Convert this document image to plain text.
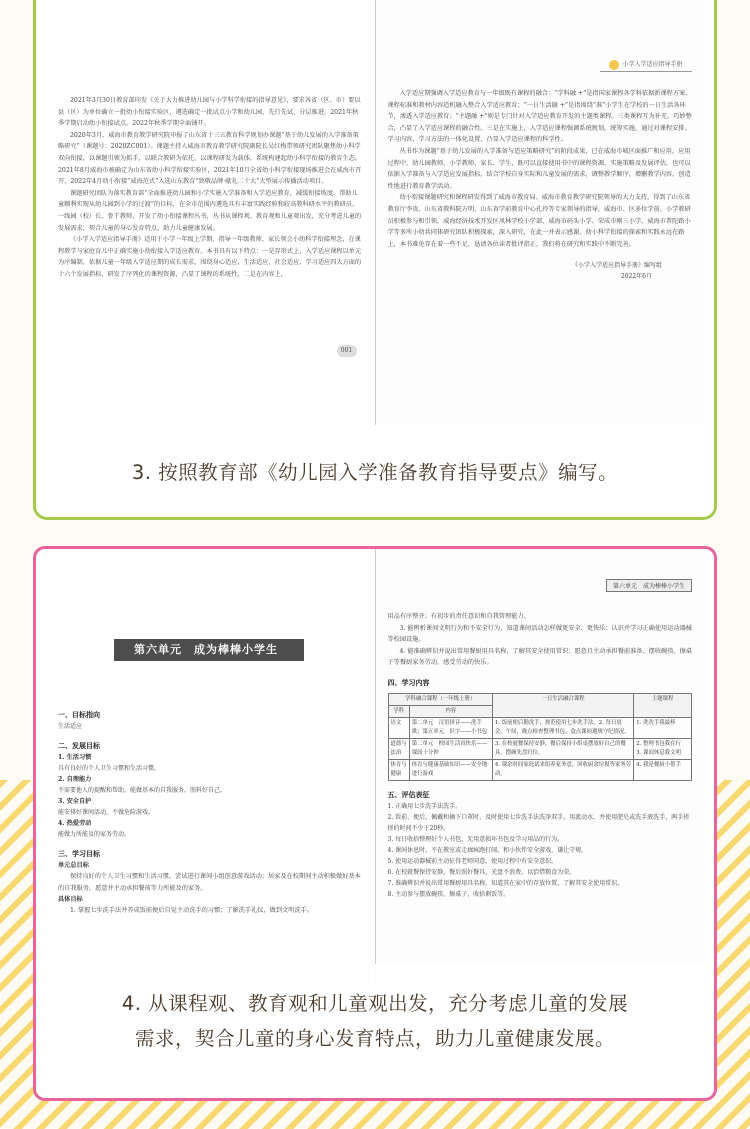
2021年3月30日教育部印发《关于大力推进幼儿园与小学科学衔接的指导意见》，要求各省（区、市）要以县（区）为单位确立一批幼小衔接实验区，遴选确定一批试点小学和幼儿园，先行先试，分层推进，2021年秋季学期启动幼小衔接试点，2022年秋季学期全面铺开。

2020年3月，威海市教育教学研究院申报了山东省十三五教育科学规划办课题“基于幼儿发展的入学准备策略研究”（课题号：2020ZC001）。课题主持人威海市教育教学研究院副院长吴红梅带领研究团队聚焦幼小科学双向衔接，以课题引领为抓手，以联合教研为依托，以课程研发为载体，系统构建起幼小科学衔接的教育生态。2021年8月威海市被确定为山东省幼小科学衔接实验区，2021年10月全省幼小科学衔接现场推进会在威海市召开，2022年4月幼小衔接“威海范式”入选山东教育“致敬品牌·献礼二十大”大型展示传播活动项目。

课题研究团队为落实教育部“全面推进幼儿园和小学实施入学准备和入学适应教育，减缓衔接坡度，帮助儿童顺利实现从幼儿园到小学的过渡”的目标，在全市范围内遴选具有丰富实践经验和较高教科研水平的教研员、一线园（校）长、骨干教师，开发了幼小衔接课程丛书，丛书从课程观、教育观和儿童观出发，充分考虑儿童的发展需求，契合儿童的身心发育特点，助力儿童健康发展。

《小学入学适应指导手册》适用于小学一年级上学期，指导一年级教师、家长领会小幼科学衔接理念，在课程教学与家庭育儿中正确实施小幼衔接入学适应教育。本书具有以下特点：一是存形式上，入学适应课程以单元为序编制，依据儿童一年级入学适应期的成长需求，围绕身心适应、生活适应、社会适应、学习适应四大方面的十六个发展指标，研发了序列化的课程资源，凸显了课程的系统性。二是在内容上，

001
小学入学适应指导手册

入学适应期强调入学适应教育与一年级既有课程的融合：“学科融 +”是指国家课程各学科依据新课程方案、课程标准和教材内容适机融入整合入学适应教育；“一日生活融 +”是指围绕“准”小学生在学校的一日生活各环节，渗透入学适应教育；“主题融 +”则是专门针对入学适应教育开发的主题类课程。三类课程互为补充，巧妙整合，凸显了入学适应课程的融合性。三是在实施上，入学适应课程强调系统规划，统筹实施，通过对课程安排、学习内容、学习方法的一体化设置，凸显入学适应课程的科学性。

丛书作为课题“基于幼儿发展的入学准备与适应策略研究”的阶段成果，已在威海市城区面推广和应用。应用过程中，幼儿园教师、小学教师、家长、学生，既可以直接使用书中的课程资源，实施策略及发展评估，也可以依据入学准备与入学适应发展指标，结合学校自身实际和儿童发展的需求，调整教学顺序，增删教学内容，创造性地进行教育教学活动。

幼小衔接课题研究和课程研发得到了威海市教育局、威海市教育教学研究院领导的大力支持，得到了山东省教育厅李贵、山东省教科院方明、山东省学前教育中心孔玲等专家领导的指导，威海市、区多位学前、小学教研员积极参与和引领，威海经济技术开发区凤林学校小学部、威海市码头小学、荣成市刚三小学、威海市普陀路小学等多所小幼共同体研究团队积极探索，深入研究，在此一并表示感谢。幼小科学衔接的探索和实践永远在路上，本书难免存在着一些不足，恳请各位读者批评指正，我们将在研究和实践中不断完善。

《小学入学适应指导手册》编写组

2022年6月

3. 按照教育部《幼儿园入学准备教育指导要点》编写。
第六单元　成为棒棒小学生
一、目标指向
生活适应
二、发展目标
1. 生活习惯
具有良好的个人卫生习惯和生活习惯。
2. 自理能力
不需要他人的提醒和帮助，能做基本的自我服务，照料好自己。
3. 安全自护
能安排好课间活动，不做危险游戏。
4. 热爱劳动
能做力所能及的家务劳动。
三、学习目标
单元总目标

保持良好的个人卫生习惯和生活习惯，尝试进行课间小组创意游戏活动；居家及在校期间主动积极做好基本的自我服务，愿意并主动承担餐前等力所能及的家务。

具体目标

1. 掌握七步洗手法并养成饭前便后自觉主动洗手的习惯；了解洗手礼仪，做到文明洗手。

第六单元　成为棒棒小学生

用品有序整齐；有初步的责任意识和自我管理能力。

3. 能辨析课间文明行为和不安全行为，知道课间活动怎样做更安全、更快乐；认识并学习正确使用运动器械等校园设施。

4. 能准确辨识并说出常用餐厨用具名称，了解其安全使用常识；愿意且主动承担餐前准备、摆收碗筷、擦桌子等餐厨家务劳动，感受劳动的快乐。

四、学习内容
学科融合课程（一年级上册）		一日生活融合课程	主题课程
学科	内容		
语文	第二单元　汉语拼音——洗手歌；第五单元　识字——小书包	1. 饭前便后勤洗手，规范使用七步洗手法。2. 每日晨会、午间，晚点检查整理书包，盒点课间遵规守纪情况。	1. 洗洗手我最棒
道德与法治	第二单元　校园生活真快乐——课间十分钟	3. 在校就餐保持安静，餐后保持小组桌摆放好自己的餐具，摆碗先盘归位。	2. 整理书包我在行　3. 课间休息我文明
体育与健康	体育与健康基础知识——安全地进行游戏	4. 课余时间家庭试来组养家务意，回收厨余垃圾等家务劳动。	4. 我是餐厨小帮手
五、评估表征
1. 正确用七步洗手法洗手。
2. 饭前、便后、佩戴和摘下口罩时，及时使用七步洗手法洗净双手，用流动水，并使用肥皂或洗手液洗手，两手搓搓的时间不少于20秒。
3. 每日收拾整理好个人书包，无用意损坏书包及学习用品的行为。
4. 课间休息时，不在教室或走廊疯跑打闹，和小伙伴安全游戏，谦让守规。
5. 使用运动器械前主动征得老师同意，使用过程中有安全意识。
6. 在校就餐保持安静，餐后照好餐具，光盘不浪费，以恰惜粮食为荣。
7. 准确辨识并说出常用餐厨用具名称，知道其在家中的存放位置，了解其安全使用常识。
8. 主动参与摆放碗筷、擦桌子、收拾剩饭等。
4. 从课程观、教育观和儿童观出发，充分考虑儿童的发展
需求，契合儿童的身心发育特点，助力儿童健康发展。
